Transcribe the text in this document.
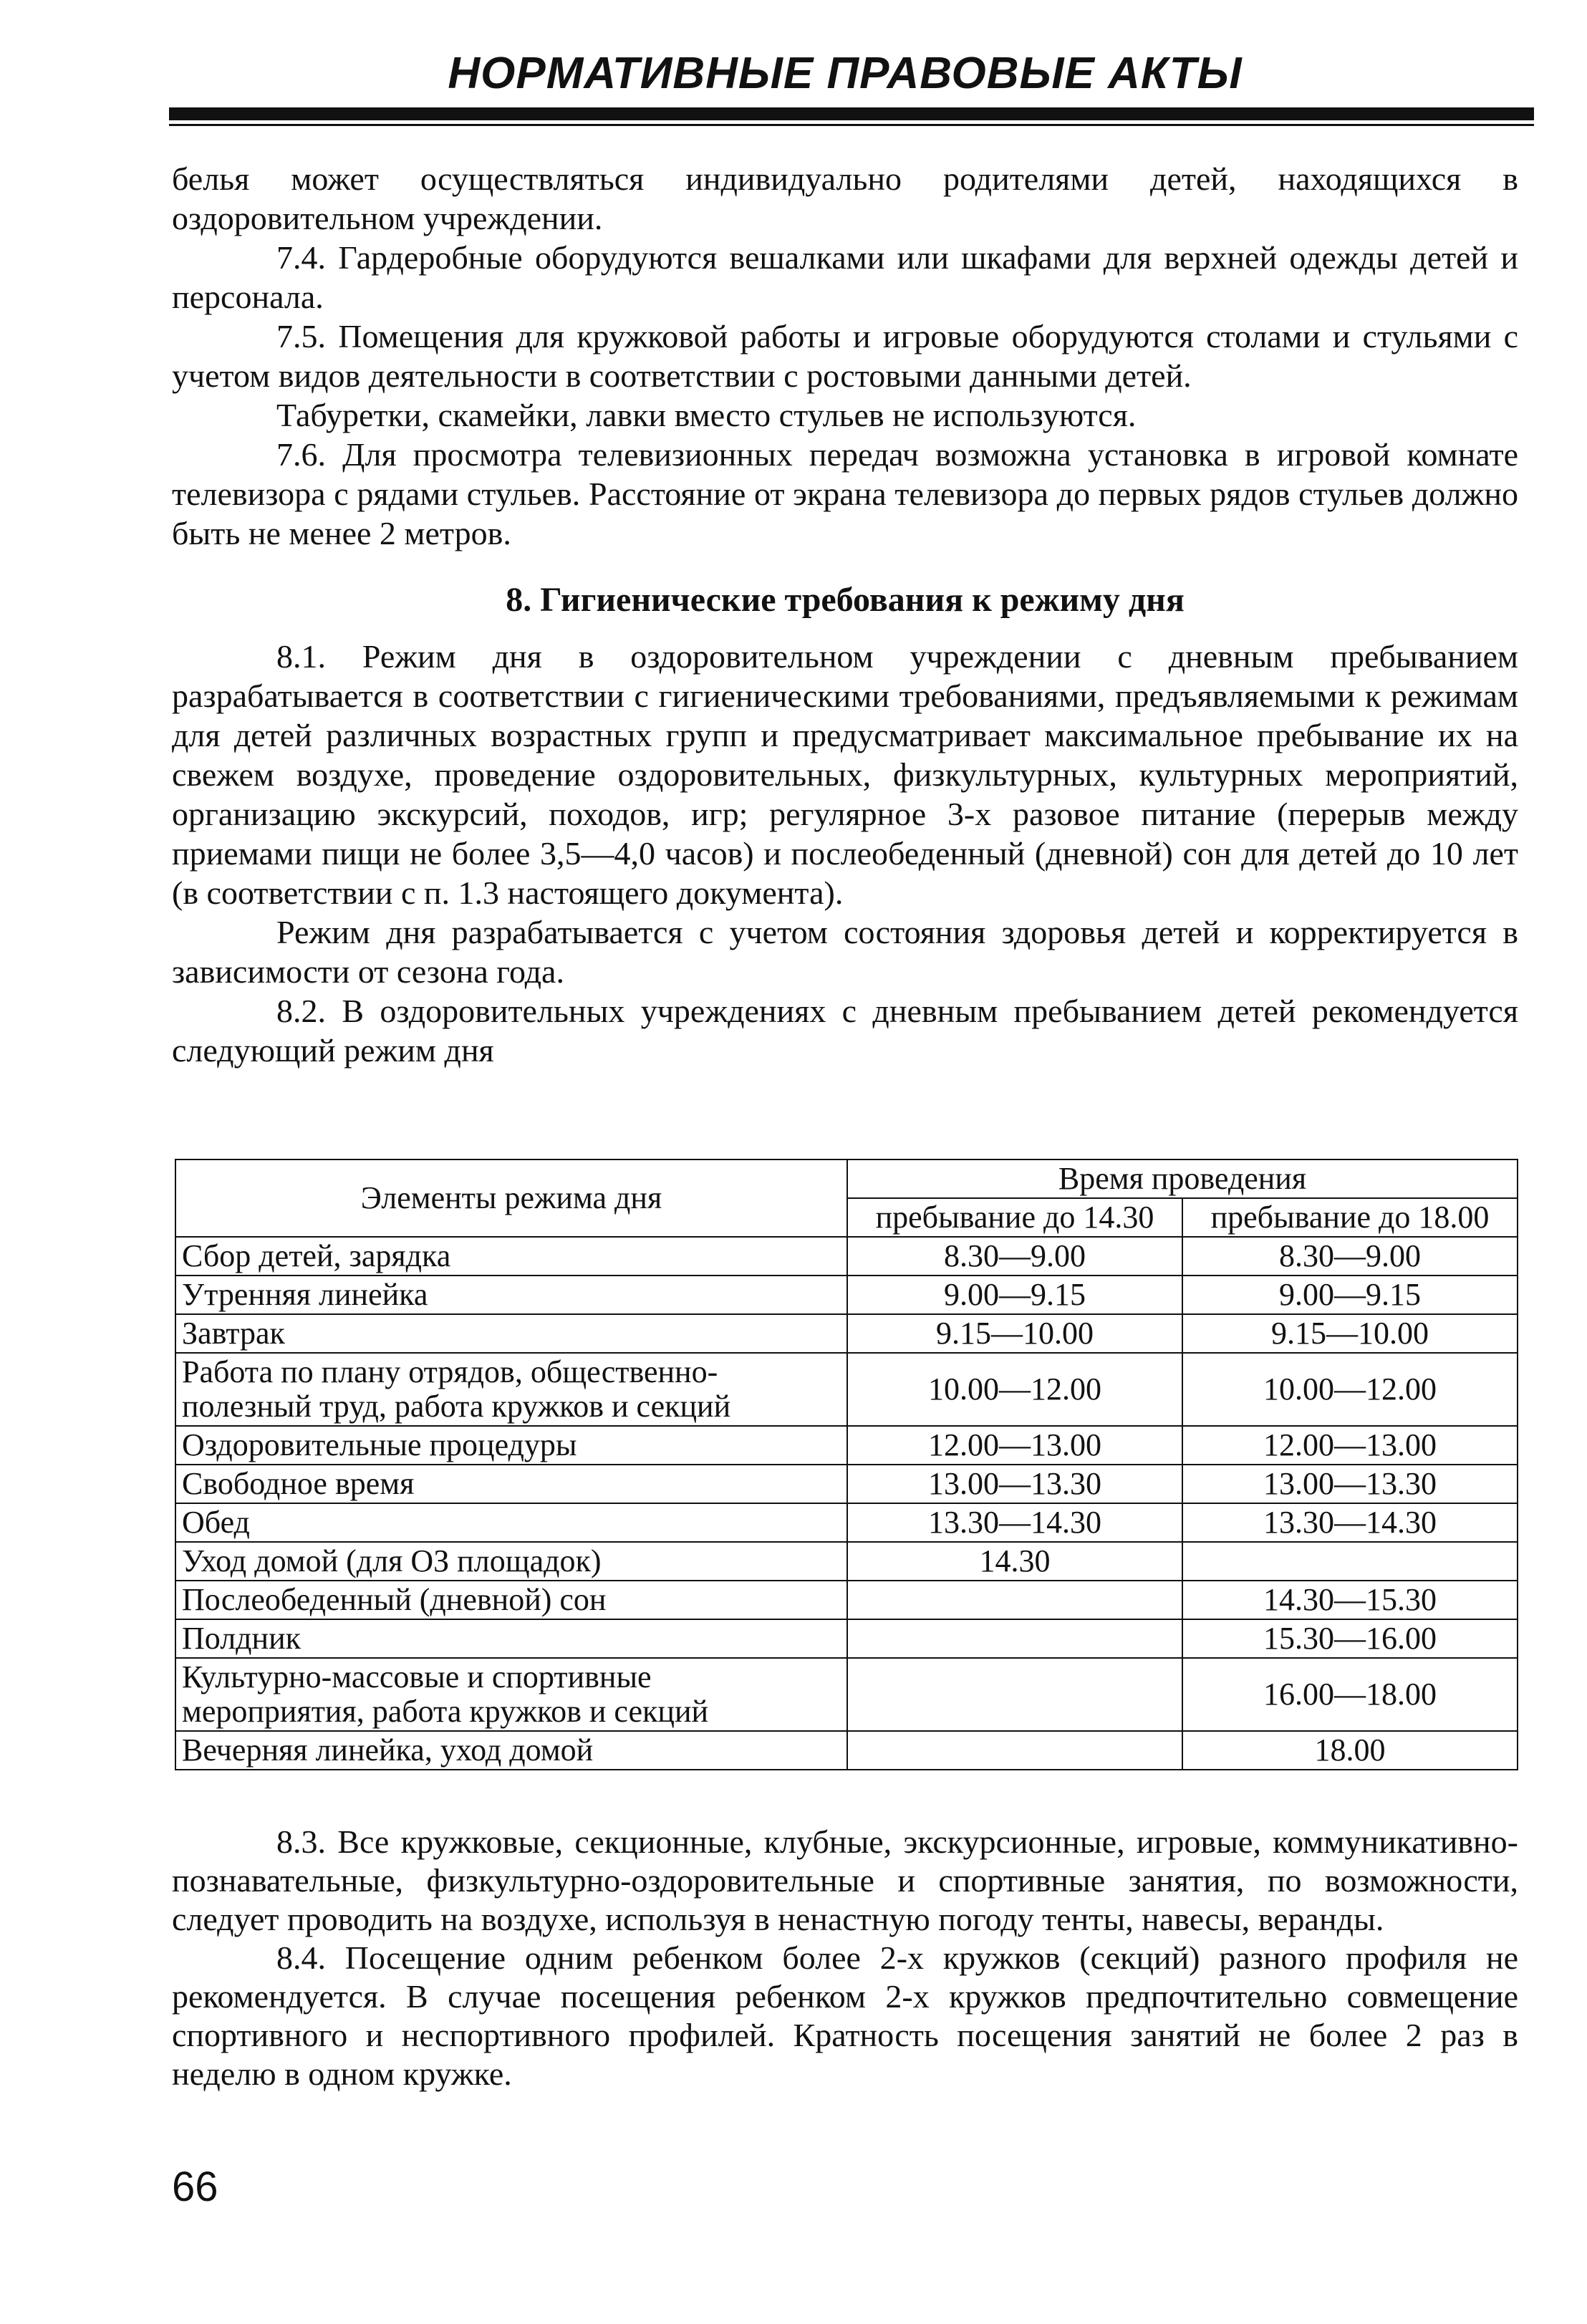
НОРМАТИВНЫЕ ПРАВОВЫЕ АКТЫ

белья может осуществляться индивидуально родителями детей, находящихся в оздоровительном учреждении.

7.4. Гардеробные оборудуются вешалками или шкафами для верхней одежды детей и персонала.

7.5. Помещения для кружковой работы и игровые оборудуются столами и стульями с учетом видов деятельности в соответствии с ростовыми данными детей.

Табуретки, скамейки, лавки вместо стульев не используются.

7.6. Для просмотра телевизионных передач возможна установка в игровой комнате телевизора с рядами стульев. Расстояние от экрана телевизора до первых рядов стульев должно быть не менее 2 метров.

8. Гигиенические требования к режиму дня

8.1. Режим дня в оздоровительном учреждении с дневным пребыванием разрабатывается в соответствии с гигиеническими требованиями, предъявляемыми к режимам для детей различных возрастных групп и предусматривает максимальное пребывание их на свежем воздухе, проведение оздоровительных, физкультурных, культурных мероприятий, организацию экскурсий, походов, игр; регулярное 3-х разовое питание (перерыв между приемами пищи не более 3,5—4,0 часов) и послеобеденный (дневной) сон для детей до 10 лет (в соответствии с п. 1.3 настоящего документа).

Режим дня разрабатывается с учетом состояния здоровья детей и корректируется в зависимости от сезона года.

8.2. В оздоровительных учреждениях с дневным пребыванием детей рекомендуется следующий режим дня

Элементы режима дня	Время проведения	
	пребывание до 14.30	пребывание до 18.00
Сбор детей, зарядка	8.30—9.00	8.30—9.00
Утренняя линейка	9.00—9.15	9.00—9.15
Завтрак	9.15—10.00	9.15—10.00
Работа по плану отрядов, общественно-полезный труд, работа кружков и секций	10.00—12.00	10.00—12.00
Оздоровительные процедуры	12.00—13.00	12.00—13.00
Свободное время	13.00—13.30	13.00—13.30
Обед	13.30—14.30	13.30—14.30
Уход домой (для ОЗ площадок)	14.30	
Послеобеденный (дневной) сон		14.30—15.30
Полдник		15.30—16.00
Культурно-массовые и спортивные мероприятия, работа кружков и секций		16.00—18.00
Вечерняя линейка, уход домой		18.00

8.3. Все кружковые, секционные, клубные, экскурсионные, игровые, коммуникативно-познавательные, физкультурно-оздоровительные и спортивные занятия, по возможности, следует проводить на воздухе, используя в ненастную погоду тенты, навесы, веранды.

8.4. Посещение одним ребенком более 2-х кружков (секций) разного профиля не рекомендуется. В случае посещения ребенком 2-х кружков предпочтительно совмещение спортивного и неспортивного профилей. Кратность посещения занятий не более 2 раз в неделю в одном кружке.

66
